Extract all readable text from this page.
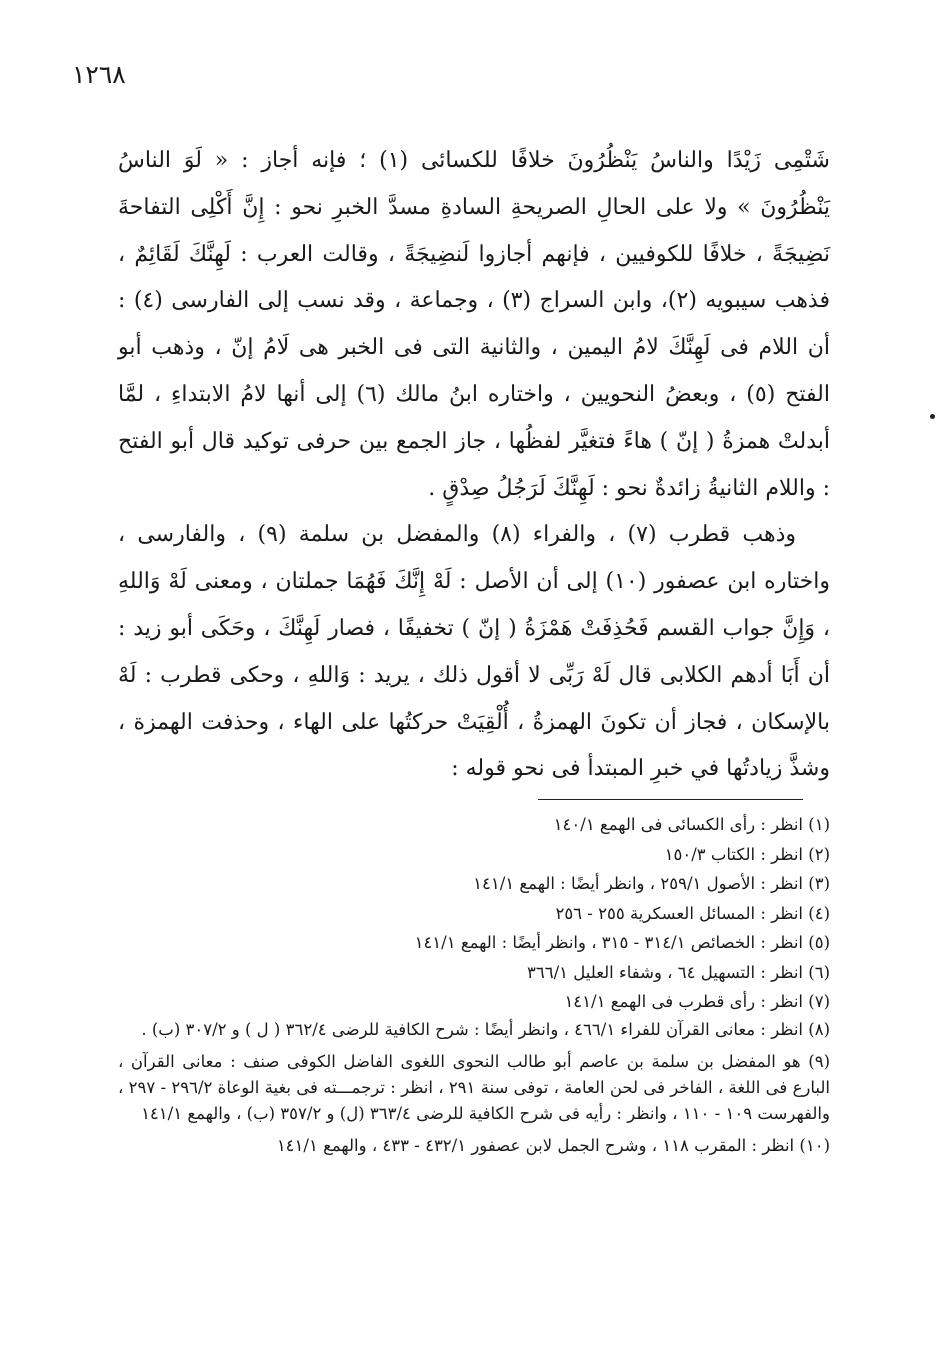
١٢٦٨

شَتْمِى زَيْدًا والناسُ يَنْظُرُونَ خلافًا للكسائى (١) ؛ فإنه أجاز : « لَوَ الناسُ يَنْظُرُونَ » ولا على الحالِ الصريحةِ السادةِ مسدَّ الخبرِ نحو : إِنَّ أَكْلِى التفاحةَ نَضِيجَةً ، خلافًا للكوفيين ، فإنهم أجازوا لَنضِيجَةً ، وقالت العرب : لَهِنَّكَ لَقَائِمٌ ، فذهب سيبويه (٢)، وابن السراج (٣) ، وجماعة ، وقد نسب إلى الفارسى (٤) : أن اللام فى لَهِنَّكَ لامُ اليمين ، والثانية التى فى الخبر هى لَامُ إنّ ، وذهب أبو الفتح (٥) ، وبعضُ النحويين ، واختاره ابنُ مالك (٦) إلى أنها لامُ الابتداءِ ، لمَّا أبدلتْ همزةُ ( إنّ ) هاءً فتغيَّر لفظُها ، جاز الجمع بين حرفى توكيد قال أبو الفتح : واللام الثانيةُ زائدةٌ نحو : لَهِنَّكَ لَرَجُلُ صِدْقٍ .

وذهب قطرب (٧) ، والفراء (٨) والمفضل بن سلمة (٩) ، والفارسى ، واختاره ابن عصفور (١٠) إلى أن الأصل : لَهْ إِنَّكَ فَهُمَا جملتان ، ومعنى لَهْ وَاللهِ ، وَإِنَّ جواب القسم فَحُذِفَتْ هَمْزَةُ ( إنّ ) تخفيفًا ، فصار لَهِنَّكَ ، وحَكَى أبو زيد : أن أَبَا أدهم الكلابى قال لَهْ رَبِّى لا أقول ذلك ، يريد : وَاللهِ ، وحكى قطرب : لَهْ بالإسكان ، فجاز أن تكونَ الهمزةُ ، أُلْقِيَتْ حركتُها على الهاء ، وحذفت الهمزة ، وشذَّ زيادتُها في خبرِ المبتدأ فى نحو قوله :

(١) انظر : رأى الكسائى فى الهمع ١٤٠/١

(٢) انظر : الكتاب ١٥٠/٣

(٣) انظر : الأصول ٢٥٩/١ ، وانظر أيضًا : الهمع ١٤١/١

(٤) انظر : المسائل العسكرية ٢٥٥ - ٢٥٦

(٥) انظر : الخصائص ٣١٤/١ - ٣١٥ ، وانظر أيضًا : الهمع ١٤١/١

(٦) انظر : التسهيل ٦٤ ، وشفاء العليل ٣٦٦/١

(٧) انظر : رأى قطرب فى الهمع ١٤١/١

(٨) انظر : معانى القرآن للفراء ٤٦٦/١ ، وانظر أيضًا : شرح الكافية للرضى ٣٦٢/٤ ( ل ) و ٣٠٧/٢ (ب) .

(٩) هو المفضل بن سلمة بن عاصم أبو طالب النحوى اللغوى الفاضل الكوفى صنف : معانى القرآن ، البارع فى اللغة ، الفاخر فى لحن العامة ، توفى سنة ٢٩١ ، انظر : ترجمـــته فى بغية الوعاة ٢٩٦/٢ - ٢٩٧ ، والفهرست ١٠٩ - ١١٠ ، وانظر : رأيه فى شرح الكافية للرضى ٣٦٣/٤ (ل) و ٣٥٧/٢ (ب) ، والهمع ١٤١/١

(١٠) انظر : المقرب ١١٨ ، وشرح الجمل لابن عصفور ٤٣٢/١ - ٤٣٣ ، والهمع ١٤١/١
